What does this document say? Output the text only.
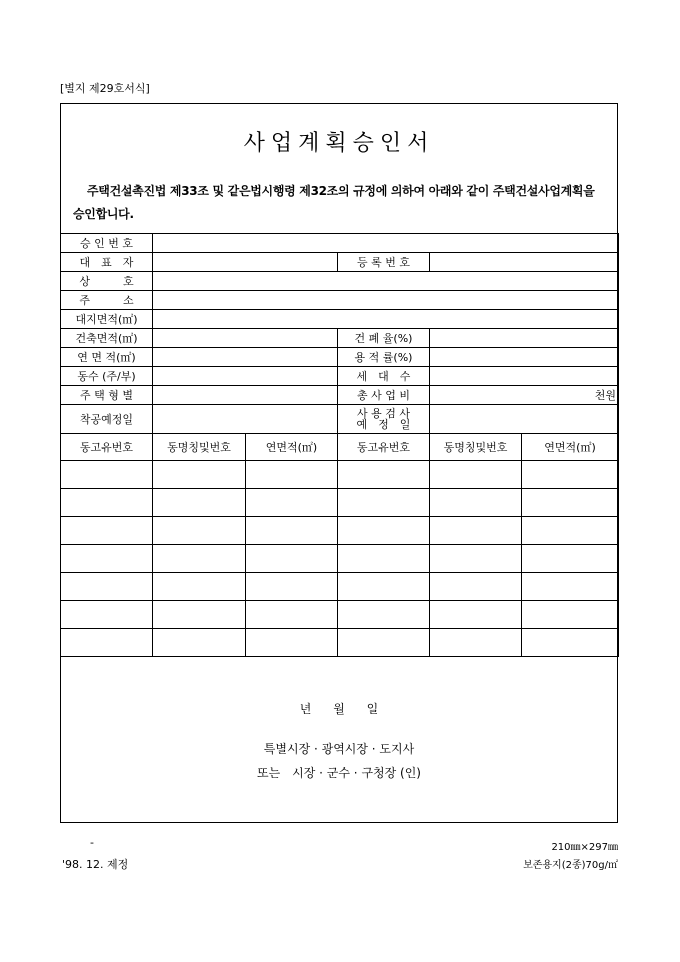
[별지 제29호서식]
사업계획승인서
주택건설촉진법 제33조 및 같은법시행령 제32조의 규정에 의하여 아래와 같이 주택건설사업계획을 승인합니다.
승 인 번 호					
대　표　자			등 록 번 호		
상　　　호					
주　　　소					
대지면적(㎡)					
건축면적(㎡)			건 폐 율(%)		
연 면 적(㎡)			용 적 률(%)		
동수 (주/부)			세　대　수		
주 택 형 별			총 사 업 비	천원	
착공예정일			사 용 검 사
예　정　일		

동고유번호	동명칭및번호	연면적(㎡)	동고유번호	동명칭및번호	연면적(㎡)

년 월 일
특별시장 · 광역시장 · 도지사
또는　시장 · 군수 · 구청장 (인)
-
'98. 12. 제정
210㎜×297㎜
보존용지(2종)70g/㎡
